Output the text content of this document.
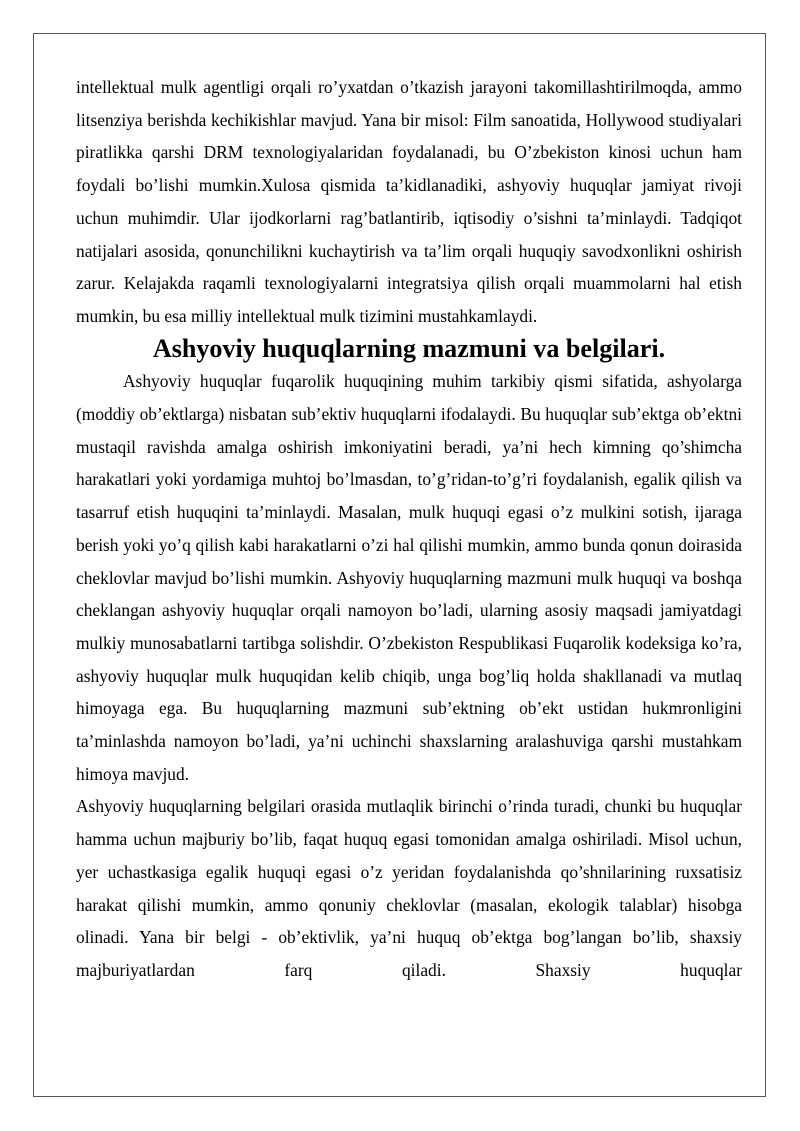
intellektual mulk agentligi orqali ro’yxatdan o’tkazish jarayoni takomillashtirilmoqda, ammo litsenziya berishda kechikishlar mavjud. Yana bir misol: Film sanoatida, Hollywood studiyalari piratlikka qarshi DRM texnologiyalaridan foydalanadi, bu O’zbekiston kinosi uchun ham foydali bo’lishi mumkin.Xulosa qismida ta’kidlanadiki, ashyoviy huquqlar jamiyat rivoji uchun muhimdir. Ular ijodkorlarni rag’batlantirib, iqtisodiy o’sishni ta’minlaydi. Tadqiqot natijalari asosida, qonunchilikni kuchaytirish va ta’lim orqali huquqiy savodxonlikni oshirish zarur. Kelajakda raqamli texnologiyalarni integratsiya qilish orqali muammolarni hal etish mumkin, bu esa milliy intellektual mulk tizimini mustahkamlaydi.

Ashyoviy huquqlarning mazmuni va belgilari.

Ashyoviy huquqlar fuqarolik huquqining muhim tarkibiy qismi sifatida, ashyolarga (moddiy ob’ektlarga) nisbatan sub’ektiv huquqlarni ifodalaydi. Bu huquqlar sub’ektga ob’ektni mustaqil ravishda amalga oshirish imkoniyatini beradi, ya’ni hech kimning qo’shimcha harakatlari yoki yordamiga muhtoj bo’lmasdan, to’g’ridan-to’g’ri foydalanish, egalik qilish va tasarruf etish huquqini ta’minlaydi. Masalan, mulk huquqi egasi o’z mulkini sotish, ijaraga berish yoki yo’q qilish kabi harakatlarni o’zi hal qilishi mumkin, ammo bunda qonun doirasida cheklovlar mavjud bo’lishi mumkin. Ashyoviy huquqlarning mazmuni mulk huquqi va boshqa cheklangan ashyoviy huquqlar orqali namoyon bo’ladi, ularning asosiy maqsadi jamiyatdagi mulkiy munosabatlarni tartibga solishdir. O’zbekiston Respublikasi Fuqarolik kodeksiga ko’ra, ashyoviy huquqlar mulk huquqidan kelib chiqib, unga bog’liq holda shakllanadi va mutlaq himoyaga ega. Bu huquqlarning mazmuni sub’ektning ob’ekt ustidan hukmronligini ta’minlashda namoyon bo’ladi, ya’ni uchinchi shaxslarning aralashuviga qarshi mustahkam himoya mavjud.

Ashyoviy huquqlarning belgilari orasida mutlaqlik birinchi o’rinda turadi, chunki bu huquqlar hamma uchun majburiy bo’lib, faqat huquq egasi tomonidan amalga oshiriladi. Misol uchun, yer uchastkasiga egalik huquqi egasi o’z yeridan foydalanishda qo’shnilarining ruxsatisiz harakat qilishi mumkin, ammo qonuniy cheklovlar (masalan, ekologik talablar) hisobga olinadi. Yana bir belgi - ob’ektivlik, ya’ni huquq ob’ektga bog’langan bo’lib, shaxsiy majburiyatlardan farq qiladi. Shaxsiy huquqlar
